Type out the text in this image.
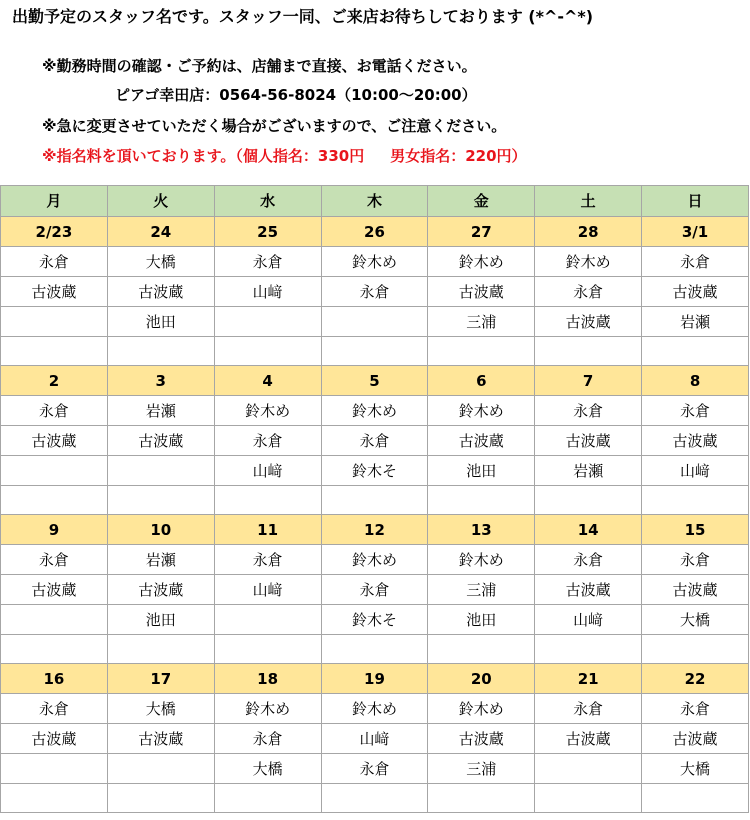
出勤予定のスタッフ名です。スタッフ一同、ご来店お待ちしております (*^-^*)
※勤務時間の確認・ご予約は、店舗まで直接、お電話ください。
ピアゴ幸田店：0564-56-8024（10:00〜20:00）
※急に変更させていただく場合がございますので、ご注意ください。
※指名料を頂いております。（個人指名：330円 男女指名：220円）
月	火	水	木	金	土	日
2/23	24	25	26	27	28	3/1
永倉	大橋	永倉	鈴木め	鈴木め	鈴木め	永倉
古波蔵	古波蔵	山﨑	永倉	古波蔵	永倉	古波蔵
	池田			三浦	古波蔵	岩瀬

2	3	4	5	6	7	8
永倉	岩瀬	鈴木め	鈴木め	鈴木め	永倉	永倉
古波蔵	古波蔵	永倉	永倉	古波蔵	古波蔵	古波蔵
		山﨑	鈴木そ	池田	岩瀬	山﨑

9	10	11	12	13	14	15
永倉	岩瀬	永倉	鈴木め	鈴木め	永倉	永倉
古波蔵	古波蔵	山﨑	永倉	三浦	古波蔵	古波蔵
	池田		鈴木そ	池田	山﨑	大橋

16	17	18	19	20	21	22
永倉	大橋	鈴木め	鈴木め	鈴木め	永倉	永倉
古波蔵	古波蔵	永倉	山﨑	古波蔵	古波蔵	古波蔵
		大橋	永倉	三浦		大橋
